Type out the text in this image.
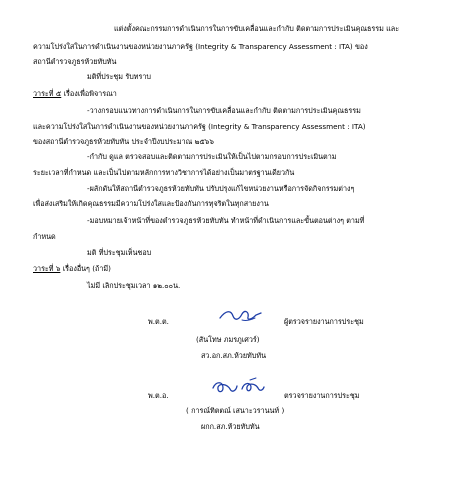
แต่งตั้งคณะกรรมการดำเนินการในการขับเคลื่อนและกำกับ ติดตามการประเมินคุณธรรม และ
ความโปร่งใสในการดำเนินงานของหน่วยงานภาครัฐ (Integrity & Transparency Assessment : ITA) ของ
สถานีตำรวจภูธรห้วยทับทัน
มติที่ประชุม รับทราบ
วาระที่ ๕ เรื่องเพื่อพิจารณา
-วางกรอบแนวทางการดำเนินการในการขับเคลื่อนและกำกับ ติดตามการประเมินคุณธรรม
และความโปร่งใสในการดำเนินงานของหน่วยงานภาครัฐ (Integrity & Transparency Assessment : ITA)
ของสถานีตำรวจภูธรห้วยทับทัน ประจำปีงบประมาณ ๒๕๖๖
-กำกับ ดูแล ตรวจสอบและติดตามการประเมินให้เป็นไปตามกรอบการประเมินตาม
ระยะเวลาที่กำหนด และเป็นไปตามหลักการทางวิชาการได้อย่างเป็นมาตรฐานเดียวกัน
-ผลักดันให้สถานีตำรวจภูธรห้วยทับทัน ปรับปรุงแก้ไขหน่วยงานหรือการจัดกิจกรรมต่างๆ
เพื่อส่งเสริมให้เกิดคุณธรรมมีความโปร่งใสและป้องกันการทุจริตในทุกสายงาน
-มอบหมายเจ้าหน้าที่ของตำรวจภูธรห้วยทับทัน ทำหน้าที่ดำเนินการและขั้นตอนต่างๆ ตามที่
กำหนด
มติ ที่ประชุมเห็นชอบ
วาระที่ ๖ เรื่องอื่นๆ (ถ้ามี)
ไม่มี เลิกประชุมเวลา ๑๒.๐๐น.
พ.ต.ต.	ผู้ตรวจรายงานการประชุม
(สันโทษ ภมรภูเศวร์)
สว.อก.สภ.ห้วยทับทัน
พ.ต.อ.	ตรวจรายงานการประชุม
( การณ์ทิตตณ์ เสนาะวรานนท์ )
ผกก.สภ.ห้วยทับทัน
